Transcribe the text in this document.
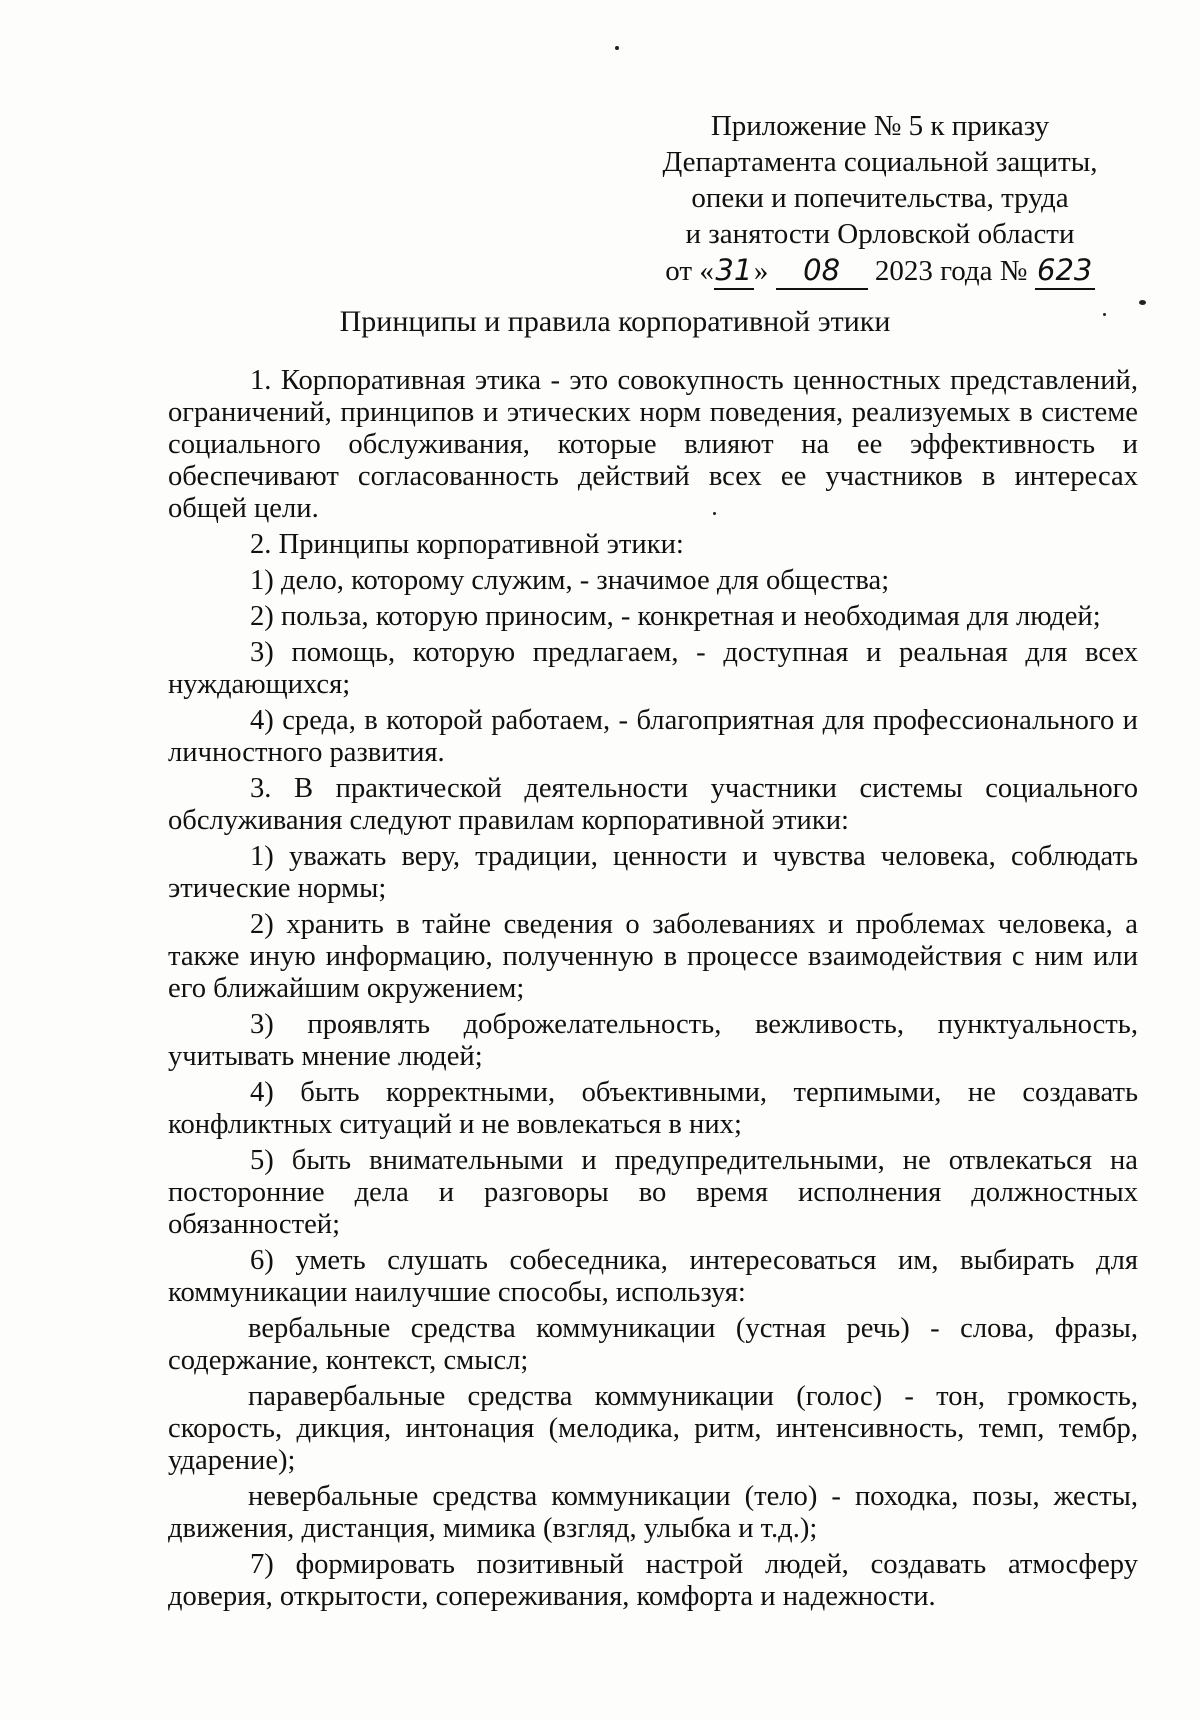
Приложение № 5 к приказу
Департамента социальной защиты,
опеки и попечительства, труда
и занятости Орловской области
от «31» 08 2023 года № 623
Принципы и правила корпоративной этики

1. Корпоративная этика - это совокупность ценностных представлений, ограничений, принципов и этических норм поведения, реализуемых в системе социального обслуживания, которые влияют на ее эффективность и обеспечивают согласованность действий всех ее участников в интересах общей цели.

2. Принципы корпоративной этики:

1) дело, которому служим, - значимое для общества;

2) польза, которую приносим, - конкретная и необходимая для людей;

3) помощь, которую предлагаем, - доступная и реальная для всех нуждающихся;

4) среда, в которой работаем, - благоприятная для профессионального и личностного развития.

3. В практической деятельности участники системы социального обслуживания следуют правилам корпоративной этики:

1) уважать веру, традиции, ценности и чувства человека, соблюдать этические нормы;

2) хранить в тайне сведения о заболеваниях и проблемах человека, а также иную информацию, полученную в процессе взаимодействия с ним или его ближайшим окружением;

3) проявлять доброжелательность, вежливость, пунктуальность, учитывать мнение людей;

4) быть корректными, объективными, терпимыми, не создавать конфликтных ситуаций и не вовлекаться в них;

5) быть внимательными и предупредительными, не отвлекаться на посторонние дела и разговоры во время исполнения должностных обязанностей;

6) уметь слушать собеседника, интересоваться им, выбирать для коммуникации наилучшие способы, используя:

вербальные средства коммуникации (устная речь) - слова, фразы, содержание, контекст, смысл;

паравербальные средства коммуникации (голос) - тон, громкость, скорость, дикция, интонация (мелодика, ритм, интенсивность, темп, тембр, ударение);

невербальные средства коммуникации (тело) - походка, позы, жесты, движения, дистанция, мимика (взгляд, улыбка и т.д.);

7) формировать позитивный настрой людей, создавать атмосферу доверия, открытости, сопереживания, комфорта и надежности.
